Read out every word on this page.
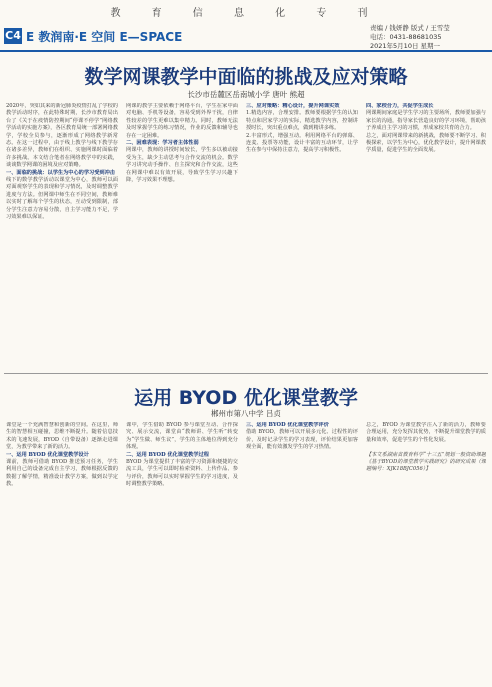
教 育 信 息 化 专 刊
C4 E 教润南·E 空间 E—SPACE
责编 / 钱妍静 版式 / 王雪莹
电话：0431-88681035
2021年5月10日 星期一
数学网课教学中面临的挑战及应对策略
长沙市岳麓区岳南城小学 唐叶 熊超
2020年，突如其来的新冠肺炎疫情打乱了学校的教学活动时序，在此特殊时期，长沙市教育局出台了《关于在疫情防控期间“停课不停学”网络教学活动的实施方案》，各区教育局统一部署网络教学，学校全员参与，逐渐形成了网络教学新常态。在这一过程中，由于线上教学与线下教学存在诸多差异，教师们在组织、实施网课时面临着许多挑战。本文结合笔者在网络教学中的实践，谈谈数学网课的困境及应对策略。
一、面临的挑战：以学生为中心的学习受到冲击
线下的数学教学活动以课堂为中心，教师可以面对面观察学生的表现和学习情况，及时调整教学进度与方法。但网课中师生在不同空间，教师难以实时了解每个学生的状态，互动受到限制，部分学生注意力容易分散，自主学习能力不足，学习效果难以保证。
网课的教学主要依赖于网络平台，学生在家中面对电脑、手机等设备，容易受到外界干扰，自律性较差的学生更难以集中精力。同时，教师无法及时掌握学生的练习情况，作业的反馈和辅导也存在一定困难。
二、困难表现：学习者主体性弱
网课中，教师的讲授时间较长，学生多以被动接受为主，缺少主动思考与合作交流的机会。数学学习讲究动手操作、自主探究和合作交流，这些在网课中难以有效开展，导致学生学习兴趣下降，学习效果不理想。
三、应对策略：精心设计，提升网课实效
1.精选内容，合理安排。教师要根据学生的认知特点和居家学习的实际，精选教学内容，控制讲授时长，突出重点难点，做到精讲多练。
2.丰富形式，增强互动。利用网络平台的弹幕、连麦、投票等功能，设计丰富的互动环节，让学生在参与中保持注意力，提高学习积极性。
四、家校合力，共促学生成长
网课期间家庭是学生学习的主要场所，教师要加强与家长的沟通，指导家长营造良好的学习环境，帮助孩子养成自主学习的习惯，形成家校共育的合力。
总之，面对网课带来的新挑战，教师要不断学习、积极探索，以学生为中心，优化教学设计，提升网课教学质量，促进学生的全面发展。
运用 BYOD 优化课堂教学
郴州市第八中学 吕贞
课堂是一个充满智慧和创新的空间。在这里，师生的智慧相互碰撞，思维不断提升。随着信息技术的飞速发展，BYOD（自带设备）逐渐走进课堂，为教学带来了新的活力。
一、运用 BYOD 优化课堂教学设计
课前，教师可借助 BYOD 推送预习任务，学生利用自己的设备完成自主学习，教师根据反馈的数据了解学情，精准设计教学方案，做到以学定教。
课中，学生借助 BYOD 参与课堂互动、合作探究、展示交流，课堂由“教师讲、学生听”转变为“学生做、师生议”，学生的主体地位得到充分体现。
二、运用 BYOD 优化课堂教学过程
BYOD 为课堂提供了丰富的学习资源和便捷的交流工具，学生可以即时检索资料、上传作品、参与评价，教师可以实时掌握学生的学习进度，及时调整教学策略。
三、运用 BYOD 优化课堂教学评价
借助 BYOD，教师可以开展多元化、过程性的评价，及时记录学生的学习表现，评价结果更加客观全面，能有效激发学生的学习热情。
总之，BYOD 为课堂教学注入了新的活力，教师要合理运用，充分发挥其优势，不断提升课堂教学的质量和效率，促进学生的个性化发展。

【本文系湖南省教育科学“十三五”规划一般资助课题《基于BYOD的课堂教学实践研究》的研究成果（课题编号：XJK18BJC056）】
